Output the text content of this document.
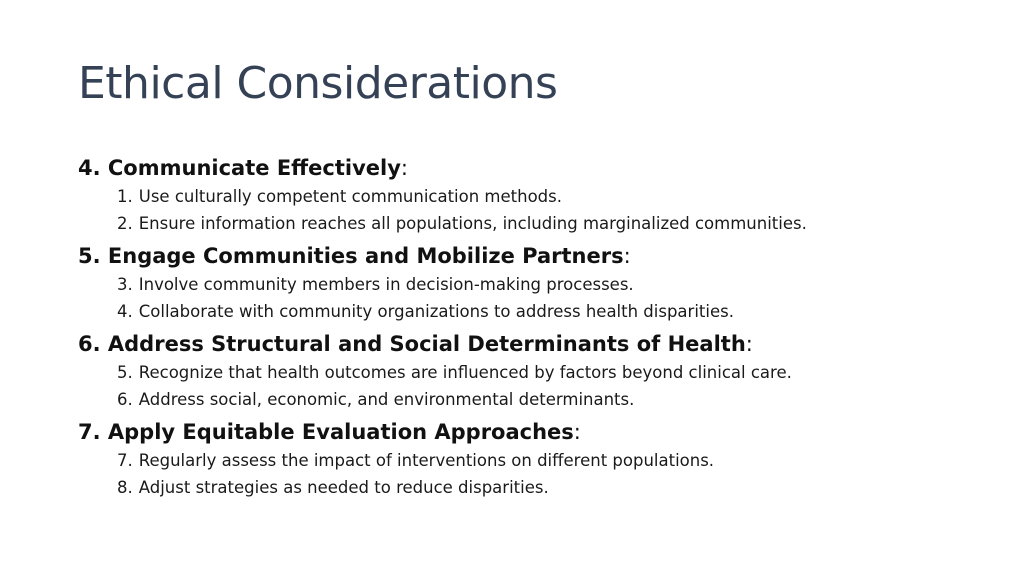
Ethical Considerations
4. Communicate Effectively:
1. Use culturally competent communication methods.
2. Ensure information reaches all populations, including marginalized communities.
5. Engage Communities and Mobilize Partners:
3. Involve community members in decision-making processes.
4. Collaborate with community organizations to address health disparities.
6. Address Structural and Social Determinants of Health:
5. Recognize that health outcomes are influenced by factors beyond clinical care.
6. Address social, economic, and environmental determinants.
7. Apply Equitable Evaluation Approaches:
7. Regularly assess the impact of interventions on different populations.
8. Adjust strategies as needed to reduce disparities.
